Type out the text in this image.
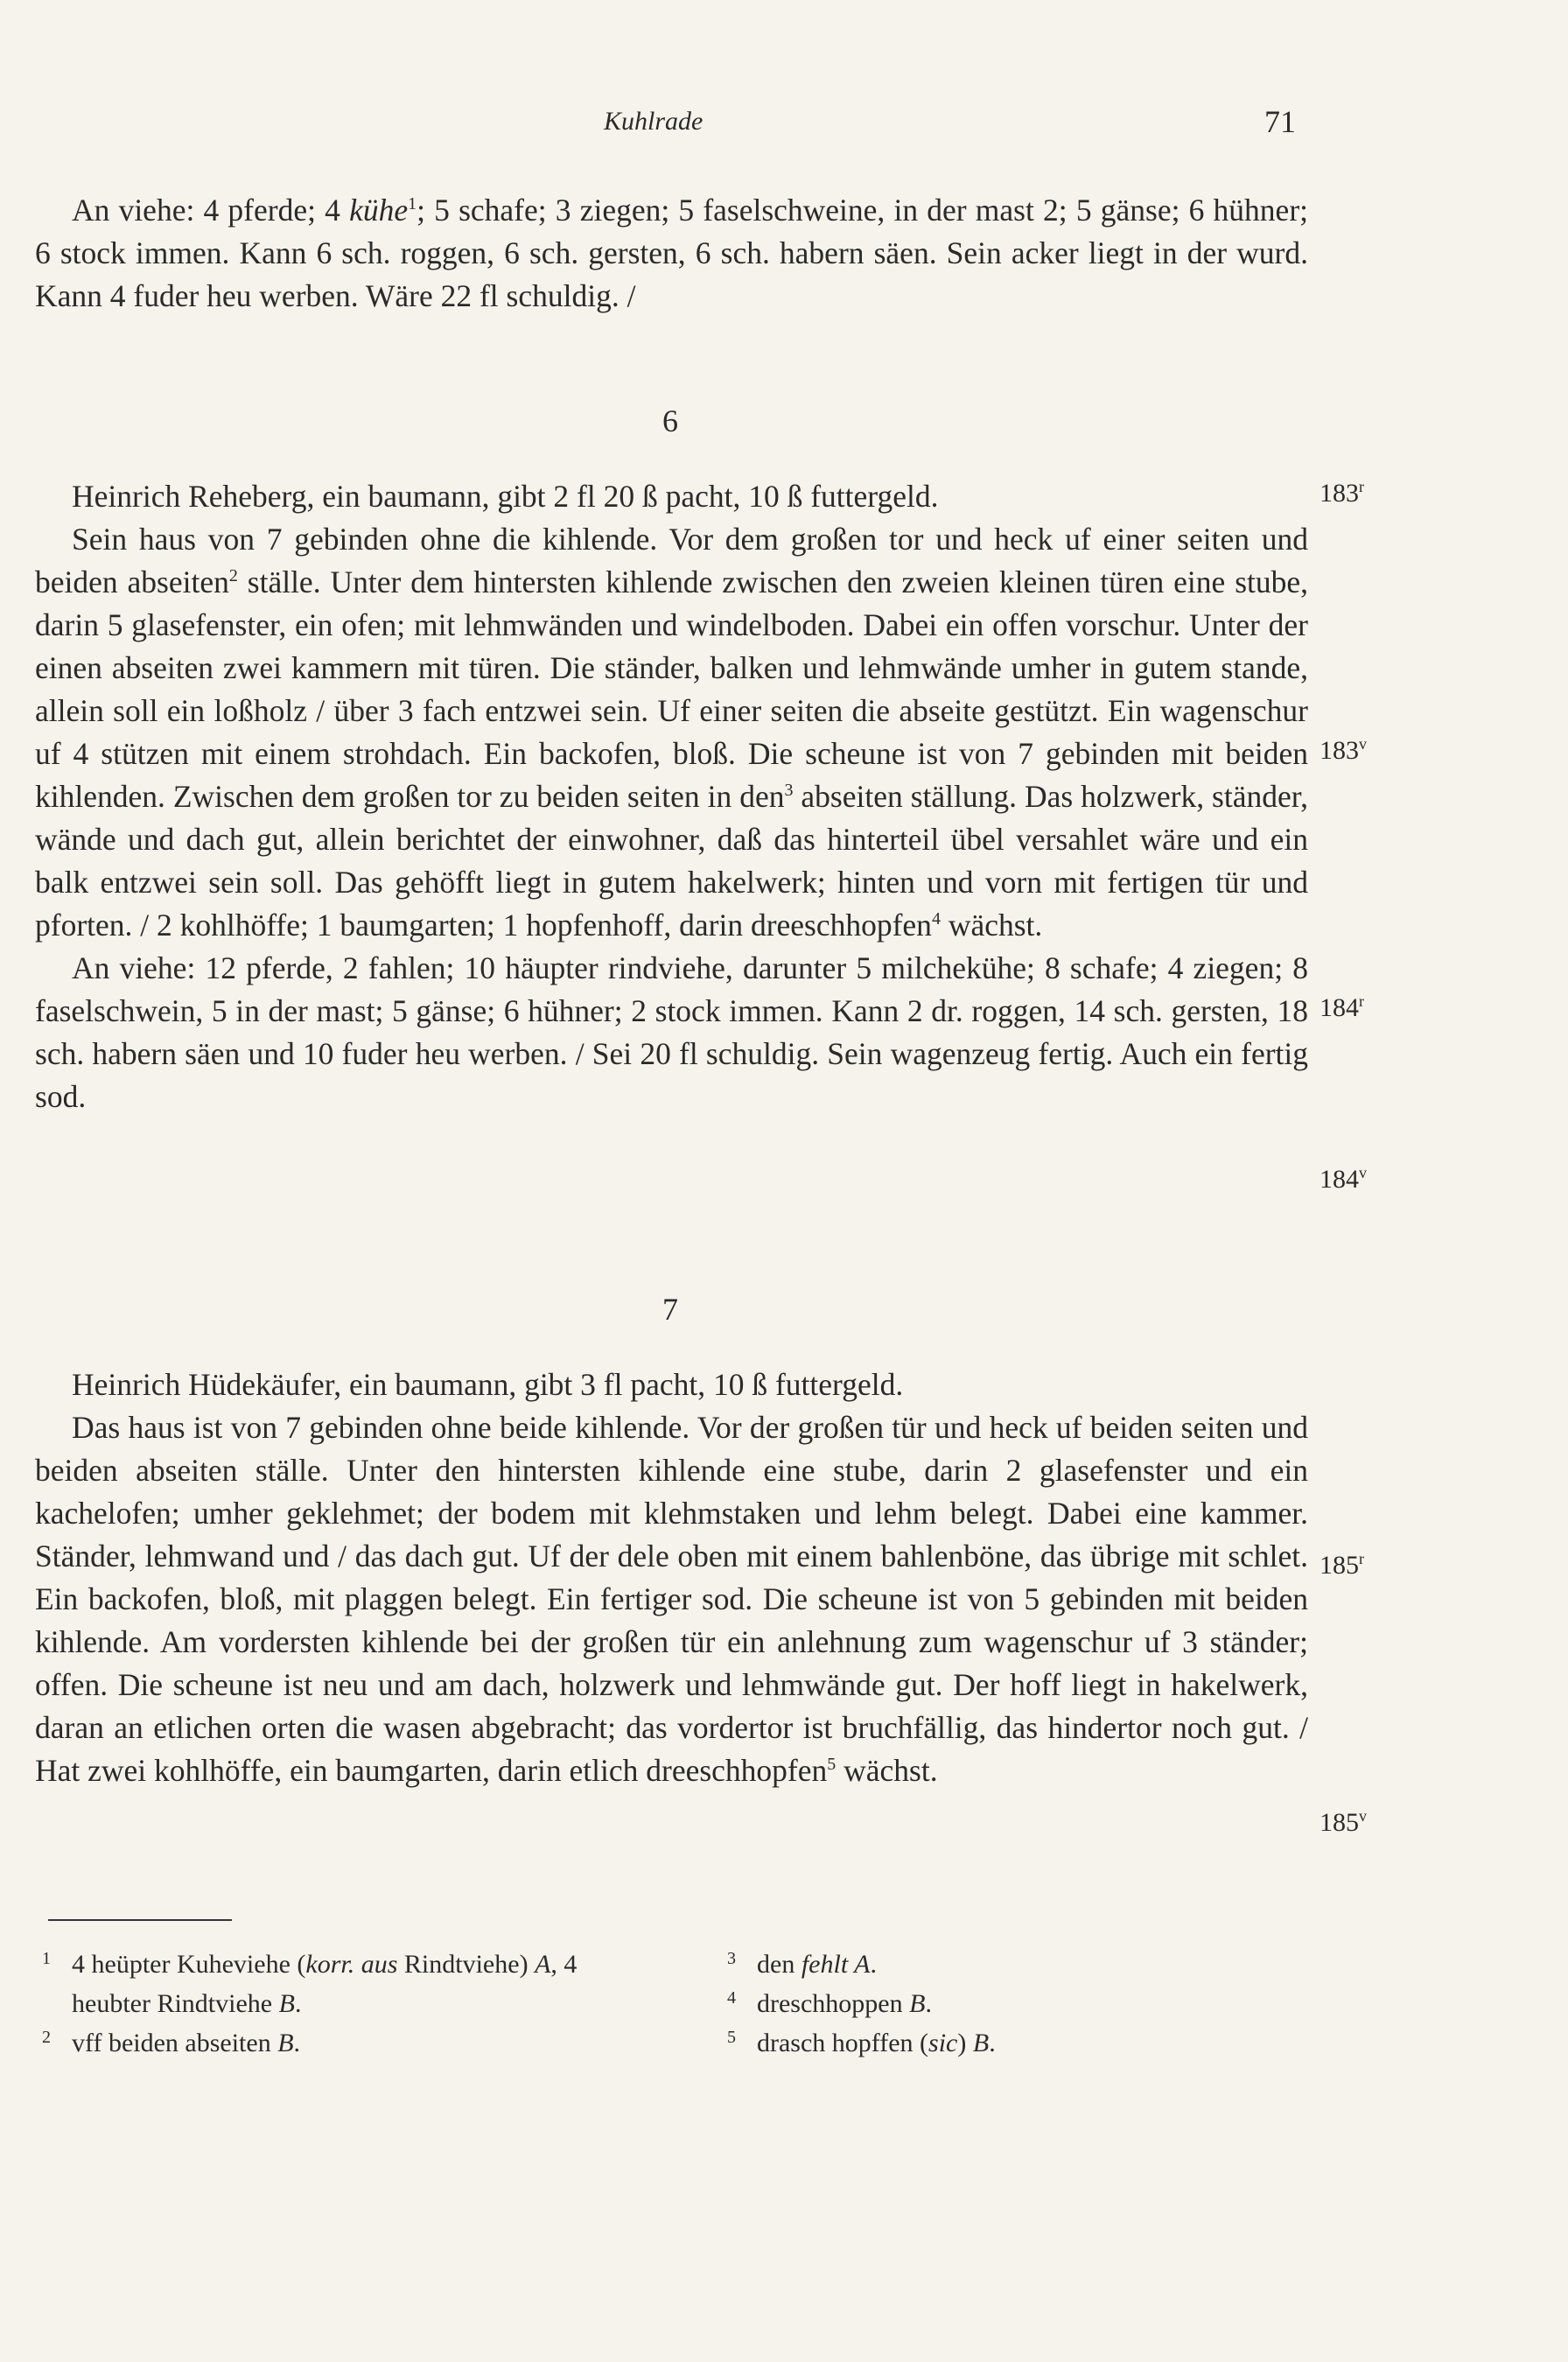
Kuhlrade	71

An viehe: 4 pferde; 4 kühe$^1$; 5 schafe; 3 ziegen; 5 faselschweine, in der mast 2; 5 gänse; 6 hühner; 6 stock immen. Kann 6 sch. roggen, 6 sch. gersten, 6 sch. habern säen. Sein acker liegt in der wurd. Kann 4 fuder heu werben. Wäre 22 fl schuldig. /

6

Heinrich Reheberg, ein baumann, gibt 2 fl 20 ß pacht, 10 ß futtergeld.

Sein haus von 7 gebinden ohne die kihlende. Vor dem großen tor und heck uf einer seiten und beiden abseiten$^2$ ställe. Unter dem hintersten kihlende zwischen den zweien kleinen türen eine stube, darin 5 glasefenster, ein ofen; mit lehmwänden und windelboden. Dabei ein offen vorschur. Unter der einen abseiten zwei kammern mit türen. Die ständer, balken und lehmwände umher in gutem stande, allein soll ein loßholz / über 3 fach entzwei sein. Uf einer seiten die abseite gestützt. Ein wagenschur uf 4 stützen mit einem strohdach. Ein backofen, bloß. Die scheune ist von 7 gebinden mit beiden kihlenden. Zwischen dem großen tor zu beiden seiten in den$^3$ abseiten ställung. Das holzwerk, ständer, wände und dach gut, allein berichtet der einwohner, daß das hinterteil übel versahlet wäre und ein balk entzwei sein soll. Das gehöfft liegt in gutem hakelwerk; hinten und vorn mit fertigen tür und pforten. / 2 kohlhöffe; 1 baumgarten; 1 hopfenhoff, darin dreeschhopfen$^4$ wächst.

An viehe: 12 pferde, 2 fahlen; 10 häupter rindviehe, darunter 5 milchekühe; 8 schafe; 4 ziegen; 8 faselschwein, 5 in der mast; 5 gänse; 6 hühner; 2 stock immen. Kann 2 dr. roggen, 14 sch. gersten, 18 sch. habern säen und 10 fuder heu werben. / Sei 20 fl schuldig. Sein wagenzeug fertig. Auch ein fertig sod.

7

Heinrich Hüdekäufer, ein baumann, gibt 3 fl pacht, 10 ß futtergeld.

Das haus ist von 7 gebinden ohne beide kihlende. Vor der großen tür und heck uf beiden seiten und beiden abseiten ställe. Unter den hintersten kihlende eine stube, darin 2 glasefenster und ein kachelofen; umher geklehmet; der bodem mit klehmstaken und lehm belegt. Dabei eine kammer. Ständer, lehmwand und / das dach gut. Uf der dele oben mit einem bahlenböne, das übrige mit schlet. Ein backofen, bloß, mit plaggen belegt. Ein fertiger sod. Die scheune ist von 5 gebinden mit beiden kihlende. Am vordersten kihlende bei der großen tür ein anlehnung zum wagenschur uf 3 ständer; offen. Die scheune ist neu und am dach, holzwerk und lehmwände gut. Der hoff liegt in hakelwerk, daran an etlichen orten die wasen abgebracht; das vordertor ist bruchfällig, das hindertor noch gut. / Hat zwei kohlhöffe, ein baumgarten, darin etlich dreeschhopfen$^5$ wächst.

183$^r$
183$^v$
184$^r$
184$^v$
185$^r$
185$^v$
1 4 heüpter Kuheviehe (korr. aus Rindtviehe) A, 4 heubter Rindtviehe B.
2 vff beiden abseiten B.
3 den fehlt A.
4 dreschhoppen B.
5 drasch hopffen (sic) B.
